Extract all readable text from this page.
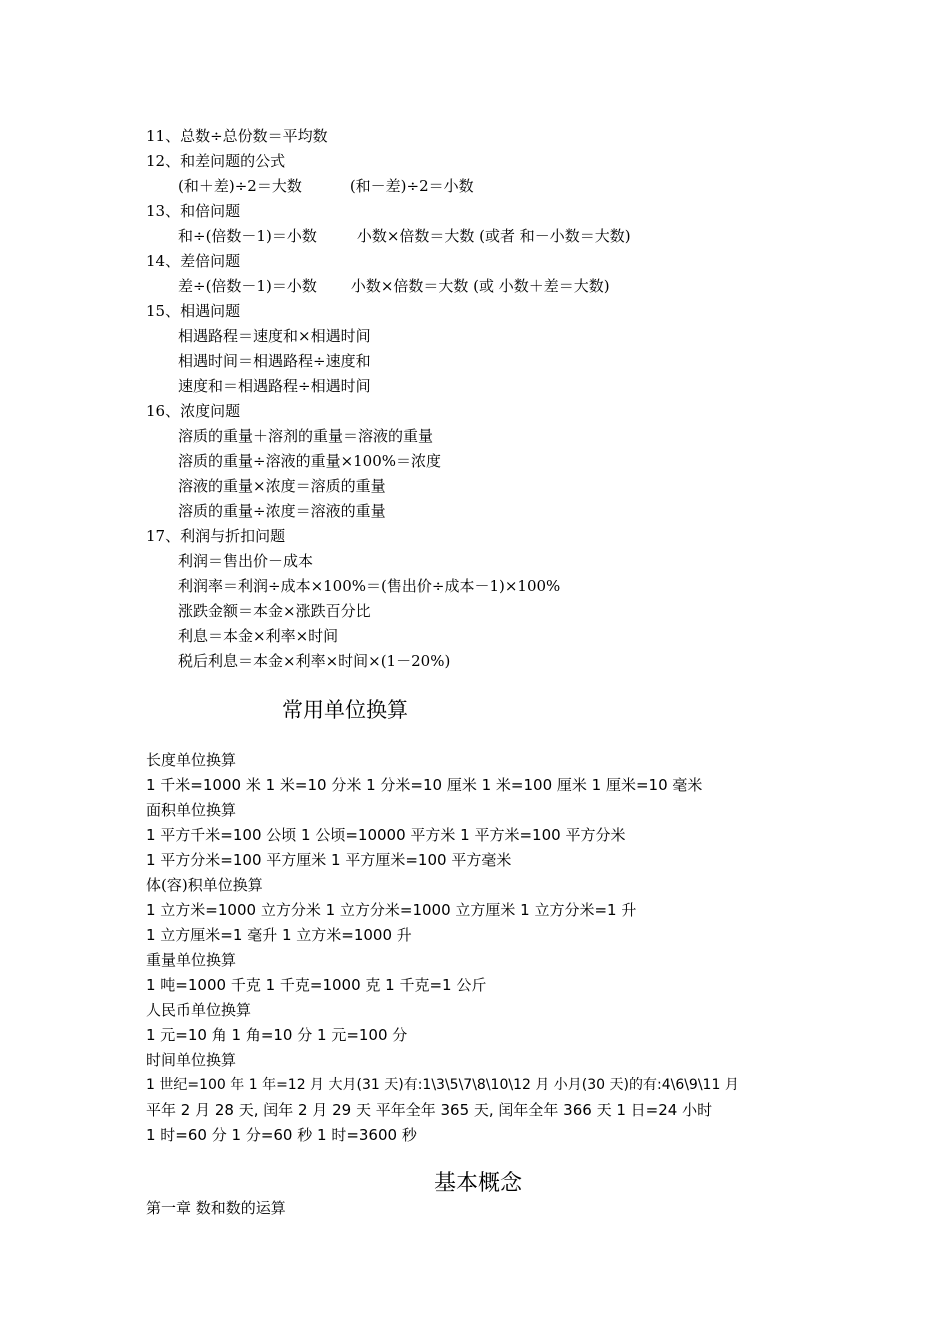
11、总数÷总份数＝平均数
12、和差问题的公式
(和＋差)÷2＝大数	(和－差)÷2＝小数
13、和倍问题
和÷(倍数－1)＝小数	小数×倍数＝大数 (或者 和－小数＝大数)
14、差倍问题
差÷(倍数－1)＝小数 小数×倍数＝大数 (或 小数＋差＝大数)
15、相遇问题
相遇路程＝速度和×相遇时间
相遇时间＝相遇路程÷速度和
速度和＝相遇路程÷相遇时间
16、浓度问题
溶质的重量＋溶剂的重量＝溶液的重量
溶质的重量÷溶液的重量×100%＝浓度
溶液的重量×浓度＝溶质的重量
溶质的重量÷浓度＝溶液的重量
17、利润与折扣问题
利润＝售出价－成本
利润率＝利润÷成本×100%＝(售出价÷成本－1)×100%
涨跌金额＝本金×涨跌百分比
利息＝本金×利率×时间
税后利息＝本金×利率×时间×(1－20%)
常用单位换算
长度单位换算
1 千米=1000 米 1 米=10 分米 1 分米=10 厘米 1 米=100 厘米 1 厘米=10 毫米
面积单位换算
1 平方千米=100 公顷 1 公顷=10000 平方米 1 平方米=100 平方分米
1 平方分米=100 平方厘米 1 平方厘米=100 平方毫米
体(容)积单位换算
1 立方米=1000 立方分米 1 立方分米=1000 立方厘米 1 立方分米=1 升
1 立方厘米=1 毫升 1 立方米=1000 升
重量单位换算
1 吨=1000 千克 1 千克=1000 克 1 千克=1 公斤
人民币单位换算
1 元=10 角 1 角=10 分 1 元=100 分
时间单位换算
1 世纪=100 年 1 年=12 月 大月(31 天)有:1\3\5\7\8\10\12 月 小月(30 天)的有:4\6\9\11 月
平年 2 月 28 天, 闰年 2 月 29 天 平年全年 365 天, 闰年全年 366 天 1 日=24 小时
1 时=60 分 1 分=60 秒 1 时=3600 秒
基本概念
第一章 数和数的运算
